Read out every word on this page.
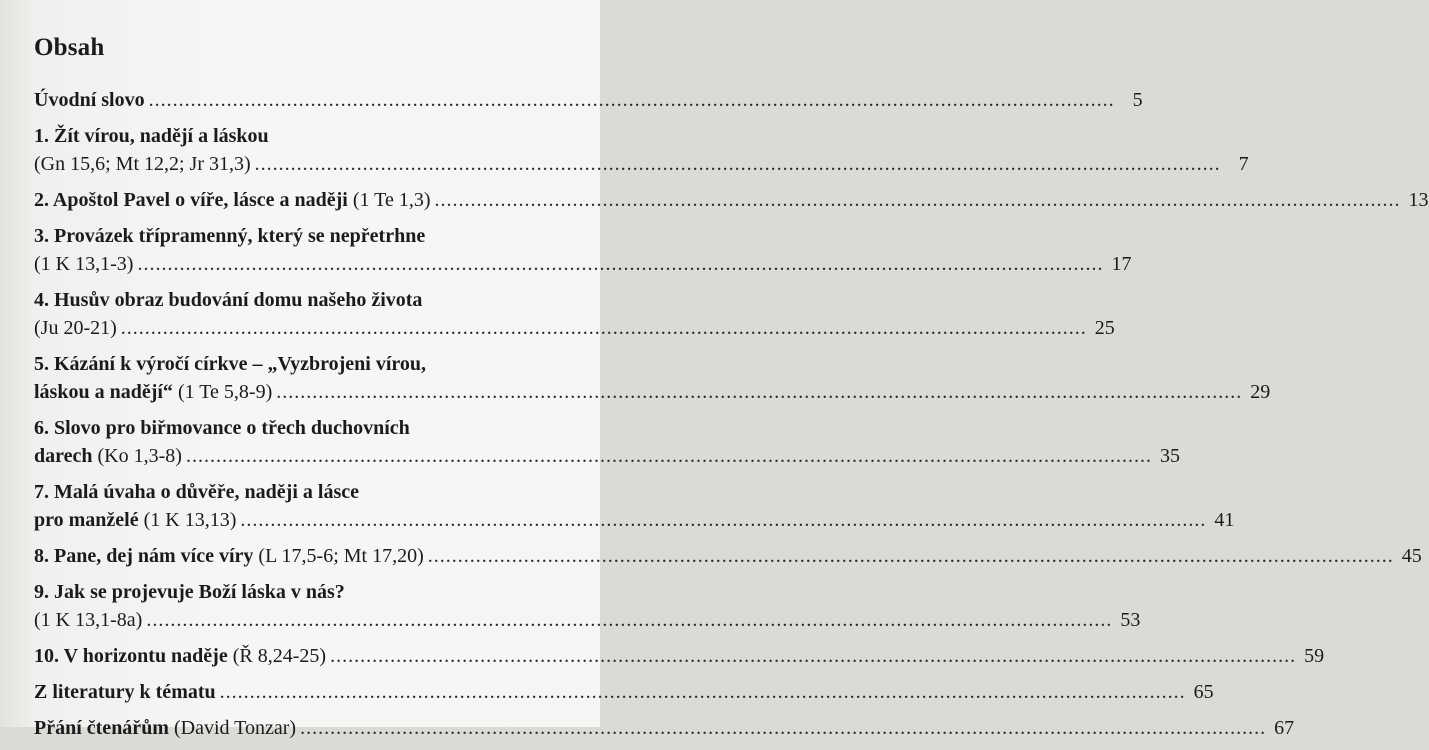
Obsah
Úvodní slovo .....	5
1. Žít vírou, nadějí a láskou
(Gn 15,6; Mt 12,2; Jr 31,3) .....	7
2. Apoštol Pavel o víře, lásce a naději (1 Te 1,3) .....	13
3. Provázek třípramenný, který se nepřetrhne
(1 K 13,1-3) .....	17
4. Husův obraz budování domu našeho života
(Ju 20-21) .....	25
5. Kázání k výročí církve – „Vyzbrojeni vírou,
láskou a nadějí“ (1 Te 5,8-9) .....	29
6. Slovo pro biřmovance o třech duchovních
darech (Ko 1,3-8) .....	35
7. Malá úvaha o důvěře, naději a lásce
pro manželé (1 K 13,13) .....	41
8. Pane, dej nám více víry (L 17,5-6; Mt 17,20) .....	45
9. Jak se projevuje Boží láska v nás?
(1 K 13,1-8a) .....	53
10. V horizontu naděje (Ř 8,24-25) .....	59
Z literatury k tématu .....	65
Přání čtenářům (David Tonzar) .....	67
